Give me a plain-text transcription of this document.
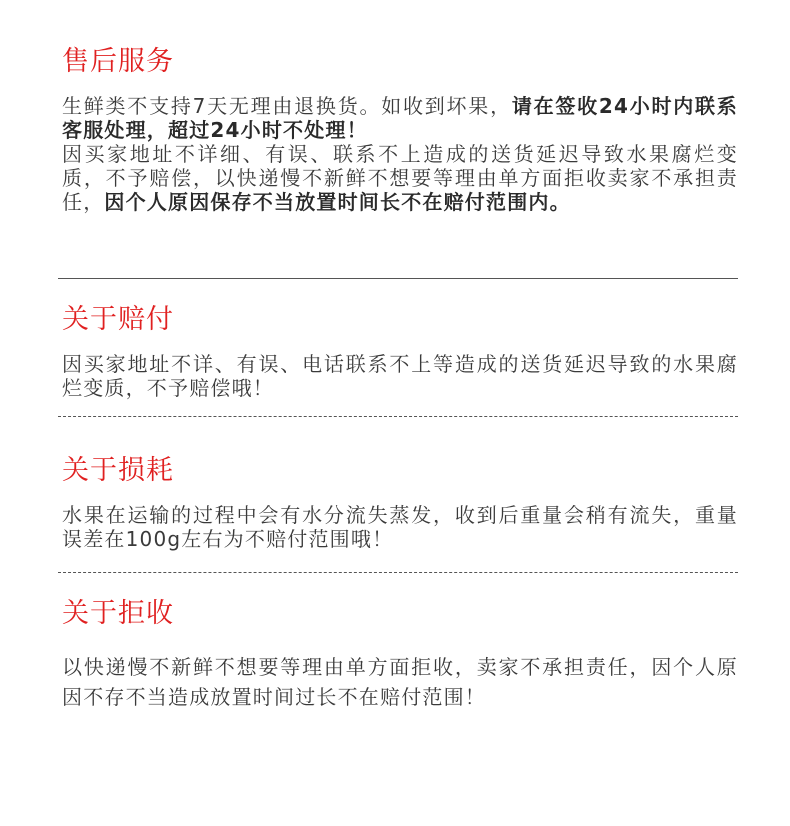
售后服务
生鲜类不支持7天无理由退换货。如收到坏果，请在签收24小时内联系客服处理，超过24小时不处理！
因买家地址不详细、有误、联系不上造成的送货延迟导致水果腐烂变质，不予赔偿，以快递慢不新鲜不想要等理由单方面拒收卖家不承担责任，因个人原因保存不当放置时间长不在赔付范围内。
关于赔付
因买家地址不详、有误、电话联系不上等造成的送货延迟导致的水果腐烂变质，不予赔偿哦！
关于损耗
水果在运输的过程中会有水分流失蒸发，收到后重量会稍有流失，重量误差在100g左右为不赔付范围哦！
关于拒收
以快递慢不新鲜不想要等理由单方面拒收，卖家不承担责任，因个人原因不存不当造成放置时间过长不在赔付范围！
